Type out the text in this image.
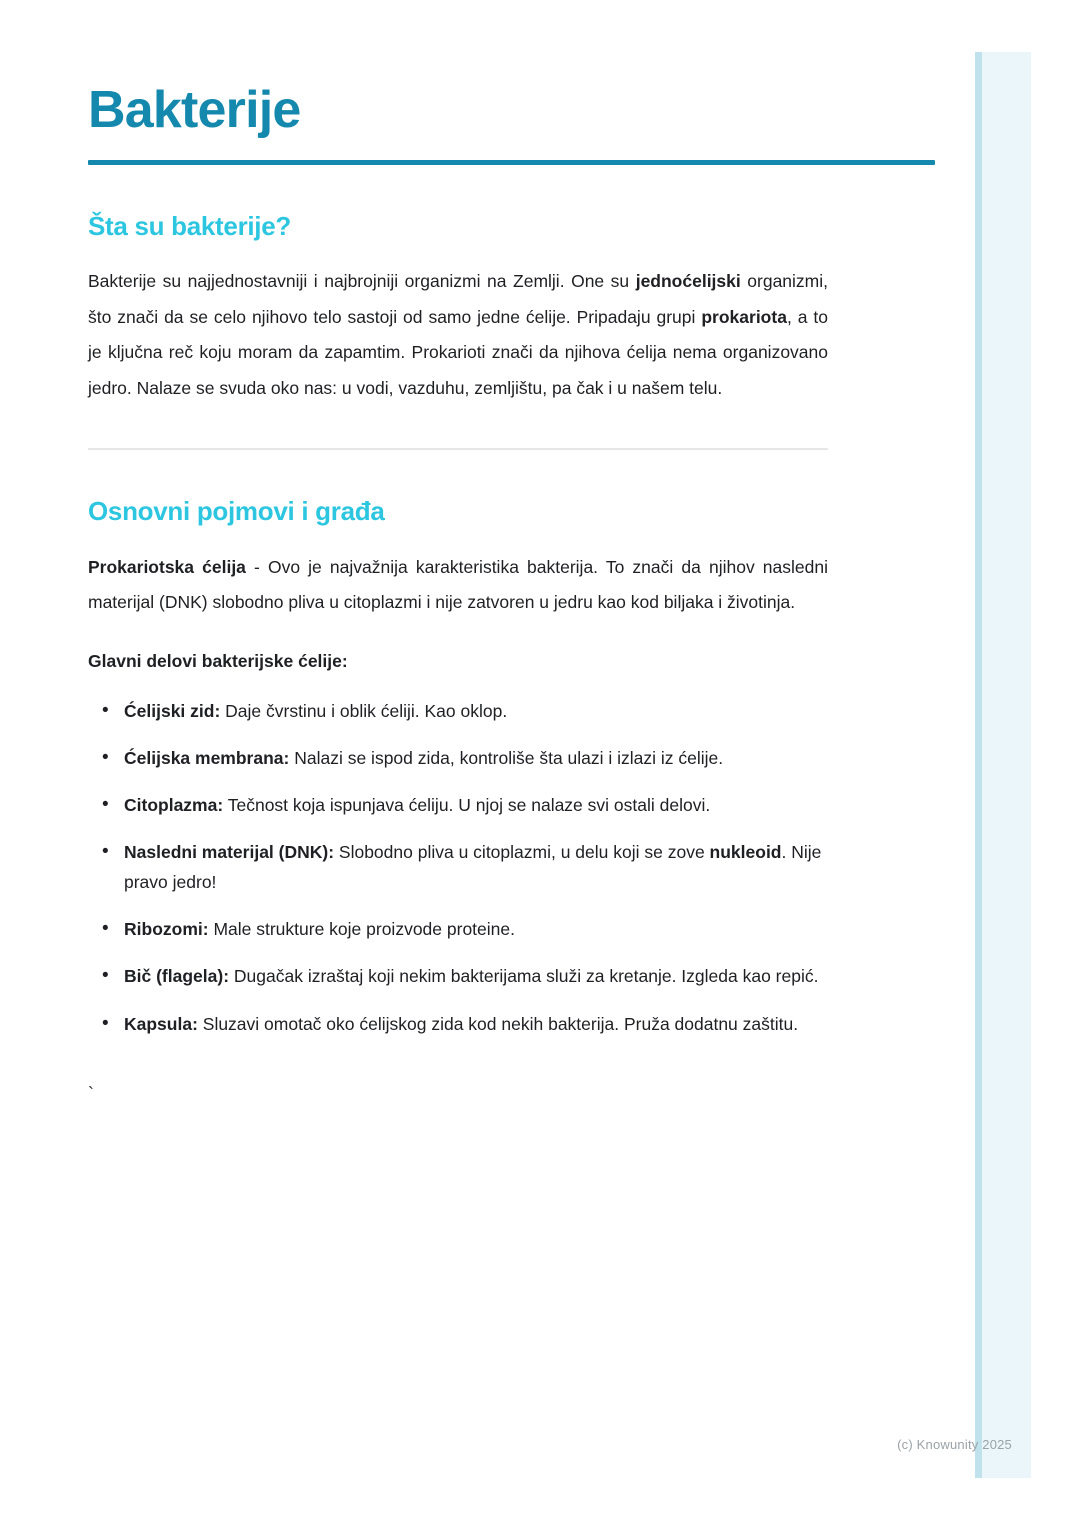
Bakterije
Šta su bakterije?

Bakterije su najjednostavniji i najbrojniji organizmi na Zemlji. One su jednoćelijski organizmi, što znači da se celo njihovo telo sastoji od samo jedne ćelije. Pripadaju grupi prokariota, a to je ključna reč koju moram da zapamtim. Prokarioti znači da njihova ćelija nema organizovano jedro. Nalaze se svuda oko nas: u vodi, vazduhu, zemljištu, pa čak i u našem telu.

Osnovni pojmovi i građa

Prokariotska ćelija - Ovo je najvažnija karakteristika bakterija. To znači da njihov nasledni materijal (DNK) slobodno pliva u citoplazmi i nije zatvoren u jedru kao kod biljaka i životinja.

Glavni delovi bakterijske ćelije:

• Ćelijski zid: Daje čvrstinu i oblik ćeliji. Kao oklop.
• Ćelijska membrana: Nalazi se ispod zida, kontroliše šta ulazi i izlazi iz ćelije.
• Citoplazma: Tečnost koja ispunjava ćeliju. U njoj se nalaze svi ostali delovi.
• Nasledni materijal (DNK): Slobodno pliva u citoplazmi, u delu koji se zove nukleoid. Nije pravo jedro!
• Ribozomi: Male strukture koje proizvode proteine.
• Bič (flagela): Dugačak izraštaj koji nekim bakterijama služi za kretanje. Izgleda kao repić.
• Kapsula: Sluzavi omotač oko ćelijskog zida kod nekih bakterija. Pruža dodatnu zaštitu.
`
(c) Knowunity 2025
